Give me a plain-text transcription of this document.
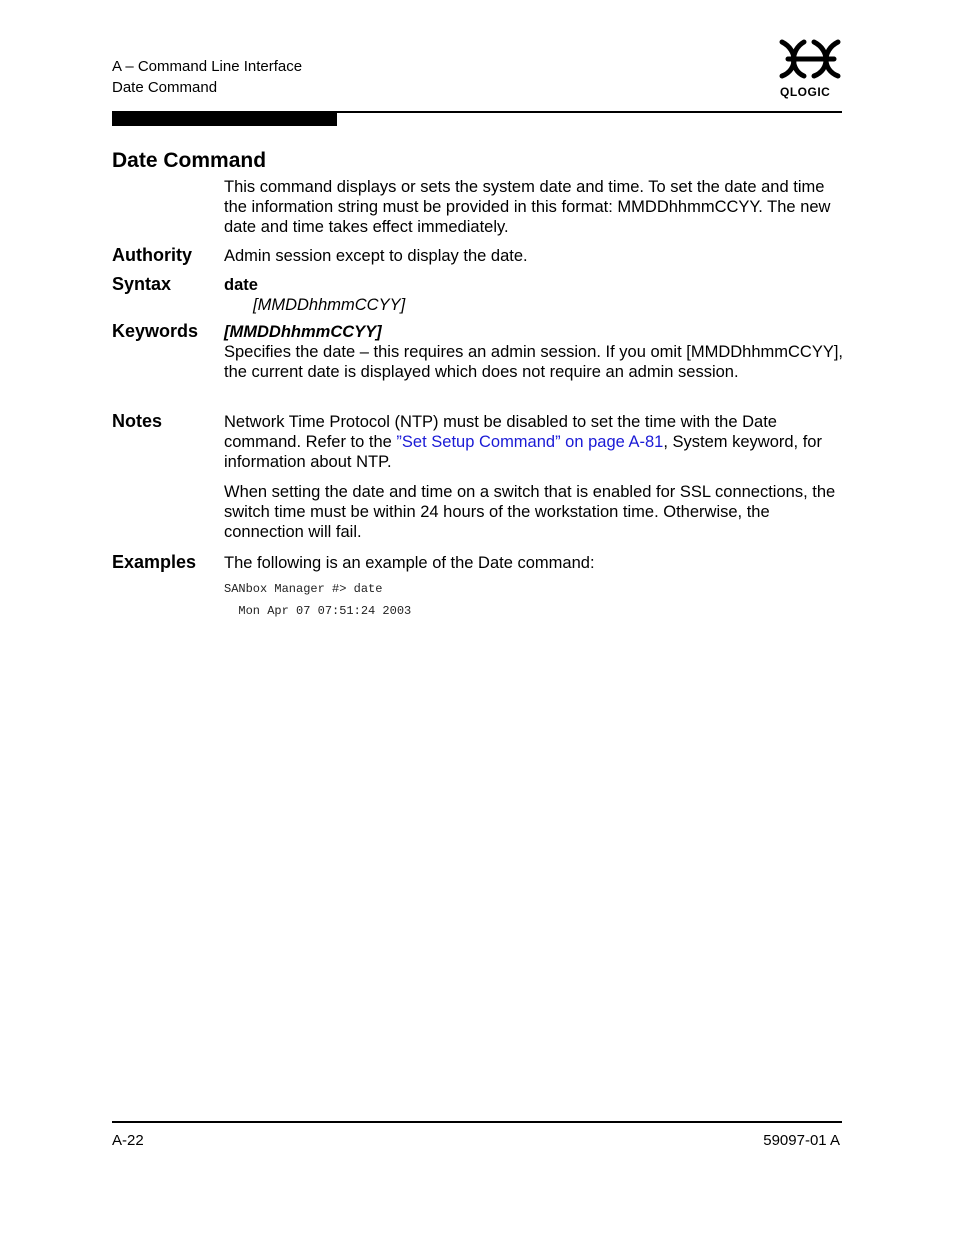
A – Command Line Interface
Date Command	QLOGIC
Date Command
This command displays or sets the system date and time. To set the date and time the information string must be provided in this format: MMDDhhmmCCYY. The new date and time takes effect immediately.
Authority Admin session except to display the date.
Syntax	date
[MMDDhhmmCCYY]
Keywords [MMDDhhmmCCYY]
Specifies the date – this requires an admin session. If you omit [MMDDhhmmCCYY], the current date is displayed which does not require an admin session.
Notes	Network Time Protocol (NTP) must be disabled to set the time with the Date command. Refer to the ”Set Setup Command” on page A-81, System keyword, for information about NTP.
When setting the date and time on a switch that is enabled for SSL connections, the switch time must be within 24 hours of the workstation time. Otherwise, the connection will fail.
Examples The following is an example of the Date command:
SANbox Manager #> date
Mon Apr 07 07:51:24 2003
A-22	59097-01 A
